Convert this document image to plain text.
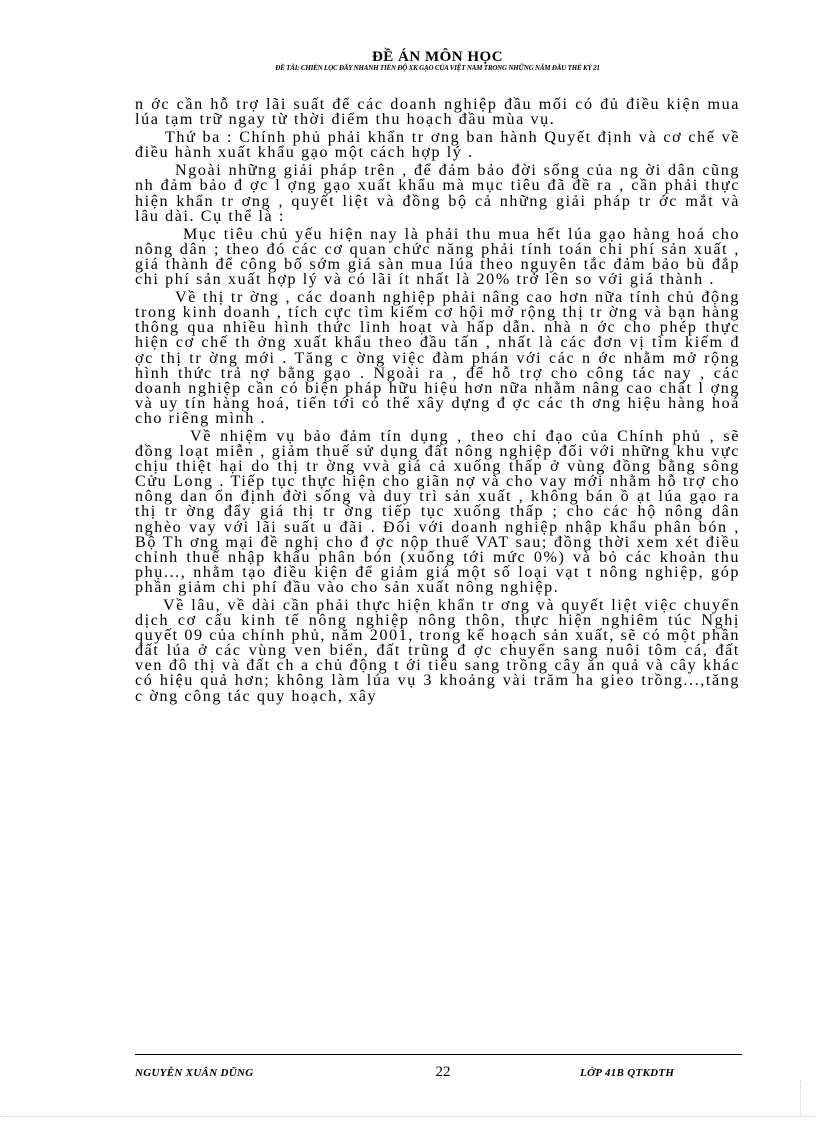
ĐỀ ÁN MÔN HỌC
ĐỀ TÀI: CHIẾN LỌC ĐẨY NHANH TIẾN ĐỘ XK GẠO CỦA VIỆT NAM TRONG NHỮNG NĂM ĐẦU THẾ KỶ 21

n ớc cần hỗ trợ lãi suất để các doanh nghiệp đầu mối có đủ điều kiện mua lúa tạm trữ ngay từ thời điểm thu hoạch đầu mùa vụ.

Thứ ba : Chính phủ phải khẩn tr ơng ban hành Quyết định và cơ chế về điều hành xuất khẩu gạo một cách hợp lý .

Ngoài những giải pháp trên , để đảm bảo đời sống của ng ời dân cũng nh đảm bảo đ ợc l ợng gạo xuất khẩu mà mục tiêu đã đề ra , cần phải thực hiện khẩn tr ơng , quyết liệt và đồng bộ cả những giải pháp tr ớc mắt và lâu dài. Cụ thể là :

Mục tiêu chủ yếu hiện nay là phải thu mua hết lúa gạo hàng hoá cho nông dân ; theo đó các cơ quan chức năng phải tính toán chi phí sản xuất , giá thành để công bố sớm giá sàn mua lúa theo nguyên tắc đảm bảo bù đắp chi phí sản xuất hợp lý và có lãi ít nhất là 20% trở lên so với giá thành .

Về thị tr ờng , các doanh nghiệp phải nâng cao hơn nữa tính chủ động trong kinh doanh , tích cực tìm kiếm cơ hội mở rộng thị tr ờng và bạn hàng thông qua nhiều hình thức linh hoạt và hấp dẫn. nhà n ớc cho phép thực hiện cơ chế th ởng xuất khẩu theo đầu tấn , nhất là các đơn vị tìm kiếm đ ợc thị tr ờng mới . Tăng c ờng việc đàm phán với các n ớc nhằm mở rộng hình thức trả nợ bằng gạo . Ngoài ra , để hỗ trợ cho công tác nay , các doanh nghiệp cần có biện pháp hữu hiệu hơn nữa nhằm nâng cao chất l ợng và uy tín hàng hoá, tiến tới có thể xây dựng đ ợc các th ơng hiệu hàng hoá cho riêng mình .

Về nhiệm vụ bảo đảm tín dụng , theo chỉ đạo của Chính phủ , sẽ đồng loạt miễn , giảm thuế sử dụng đất nông nghiệp đối với những khu vực chịu thiệt hại do thị tr ờng vvà giá cả xuống thấp ở vùng đồng bằng sông Cửu Long . Tiếp tục thực hiện cho giãn nợ và cho vay mới nhằm hỗ trợ cho nông dan ổn định đời sống và duy trì sản xuất , không bán ồ ạt lúa gạo ra thị tr ờng đẩy giá thị tr ờng tiếp tục xuống thấp ; cho các hộ nông dân nghèo vay với lãi suất u đãi . Đối với doanh nghiệp nhập khẩu phân bón , Bộ Th ơng mại đề nghị cho đ ợc nộp thuế VAT sau; đồng thời xem xét điều chỉnh thuế nhập khẩu phân bón (xuống tới mức 0%) và bỏ các khoản thu phụ..., nhằm tạo điều kiện để giảm giá một số loại vạt t nông nghiệp, góp phần giảm chi phí đầu vào cho sản xuất nông nghiệp.

Về lâu, về dài cần phải thực hiện khẩn tr ơng và quyết liệt việc chuyển dịch cơ cấu kinh tế nông nghiệp nông thôn, thực hiện nghiêm túc Nghị quyết 09 của chính phủ, năm 2001, trong kế hoạch sản xuất, sẽ có một phần đất lúa ở các vùng ven biển, đất trũng đ ợc chuyển sang nuôi tôm cá, đất ven đô thị và đất ch a chủ động t ới tiêu sang trồng cây ăn quả và cây khác có hiệu quả hơn; không làm lúa vụ 3 khoảng vài trăm ha gieo trồng...,tăng c ờng công tác quy hoạch, xây

NGUYỄN XUÂN DŨNG	22	LỚP 41B QTKDTH
